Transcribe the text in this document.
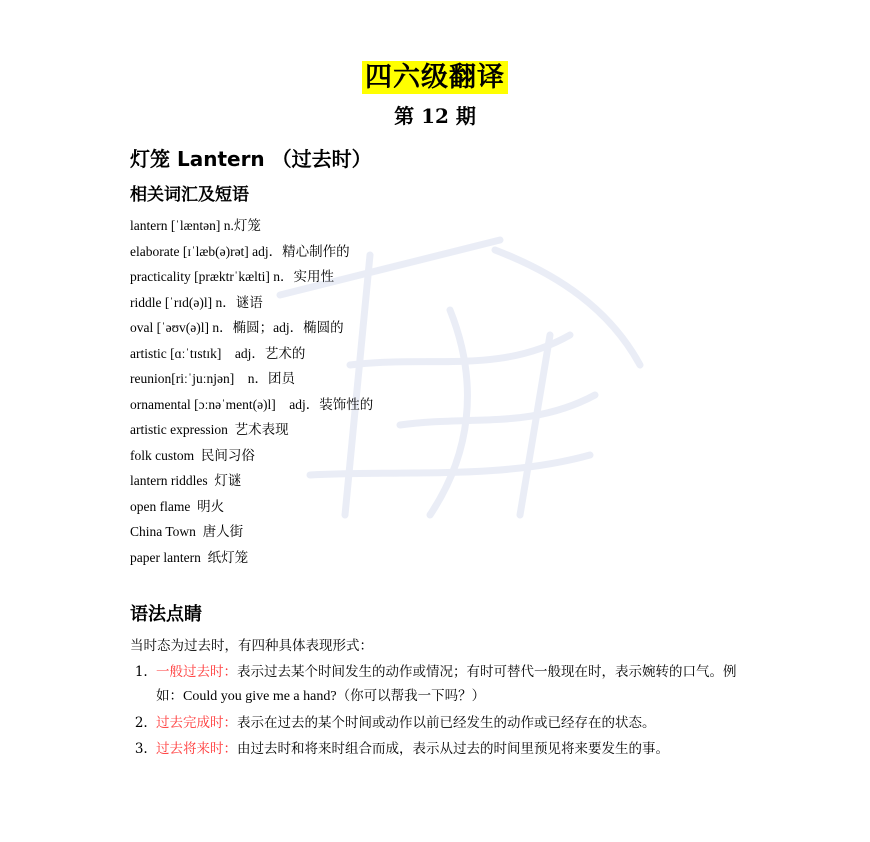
四六级翻译
第 12 期
灯笼 Lantern （过去时）
相关词汇及短语
lantern [ˈlæntən] n.灯笼
elaborate [ɪˈlæb(ə)rət] adj．精心制作的
practicality [præktrˈkælti] n．实用性
riddle [ˈrɪd(ə)l] n．谜语
oval [ˈəʊv(ə)l] n．椭圆；adj．椭圆的
artistic [ɑːˈtɪstɪk]    adj．艺术的
reunion[riːˈjuːnjən]    n．团员
ornamental [ɔːnəˈment(ə)l]    adj．装饰性的
artistic expression  艺术表现
folk custom  民间习俗
lantern riddles  灯谜
open flame  明火
China Town  唐人街
paper lantern  纸灯笼
语法点睛
当时态为过去时，有四种具体表现形式：
1. 一般过去时：表示过去某个时间发生的动作或情况；有时可替代一般现在时，表示婉转的口气。例如：Could you give me a hand?（你可以帮我一下吗？）
2. 过去完成时：表示在过去的某个时间或动作以前已经发生的动作或已经存在的状态。
3. 过去将来时：由过去时和将来时组合而成，表示从过去的时间里预见将来要发生的事。
